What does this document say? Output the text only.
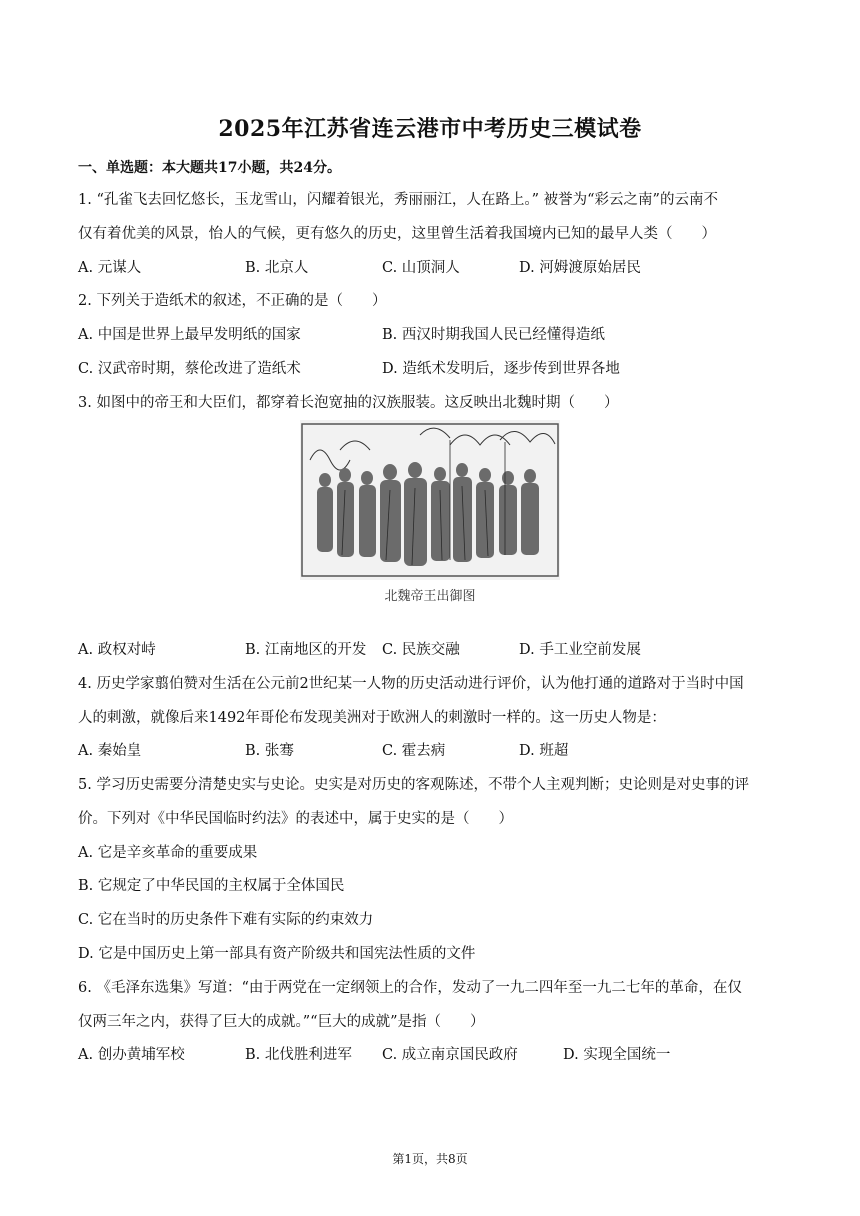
2025年江苏省连云港市中考历史三模试卷
一、单选题：本大题共17小题，共24分。
1. “孔雀飞去回忆悠长，玉龙雪山，闪耀着银光，秀丽丽江，人在路上。” 被誉为“彩云之南”的云南不
仅有着优美的风景，怡人的气候，更有悠久的历史，这里曾生活着我国境内已知的最早人类（　　）
A. 元谋人	B. 北京人	C. 山顶洞人	D. 河姆渡原始居民
2. 下列关于造纸术的叙述，不正确的是（　　）
A. 中国是世界上最早发明纸的国家	B. 西汉时期我国人民已经懂得造纸
C. 汉武帝时期，蔡伦改进了造纸术	D. 造纸术发明后，逐步传到世界各地
3. 如图中的帝王和大臣们，都穿着长泡宽抽的汉族服装。这反映出北魏时期（　　）
北魏帝王出御图
A. 政权对峙	B. 江南地区的开发 C. 民族交融	D. 手工业空前发展
4. 历史学家翦伯赞对生活在公元前2世纪某一人物的历史活动进行评价，认为他打通的道路对于当时中国
人的刺激，就像后来1492年哥伦布发现美洲对于欧洲人的刺激时一样的。这一历史人物是：
A. 秦始皇	B. 张骞	C. 霍去病	D. 班超
5. 学习历史需要分清楚史实与史论。史实是对历史的客观陈述，不带个人主观判断；史论则是对史事的评
价。下列对《中华民国临时约法》的表述中，属于史实的是（　　）
A. 它是辛亥革命的重要成果
B. 它规定了中华民国的主权属于全体国民
C. 它在当时的历史条件下难有实际的约束效力
D. 它是中国历史上第一部具有资产阶级共和国宪法性质的文件
6. 《毛泽东选集》写道：“由于两党在一定纲领上的合作，发动了一九二四年至一九二七年的革命，在仅
仅两三年之内，获得了巨大的成就。”“巨大的成就”是指（　　）
A. 创办黄埔军校	B. 北伐胜利进军 C. 成立南京国民政府	D. 实现全国统一
第1页，共8页
